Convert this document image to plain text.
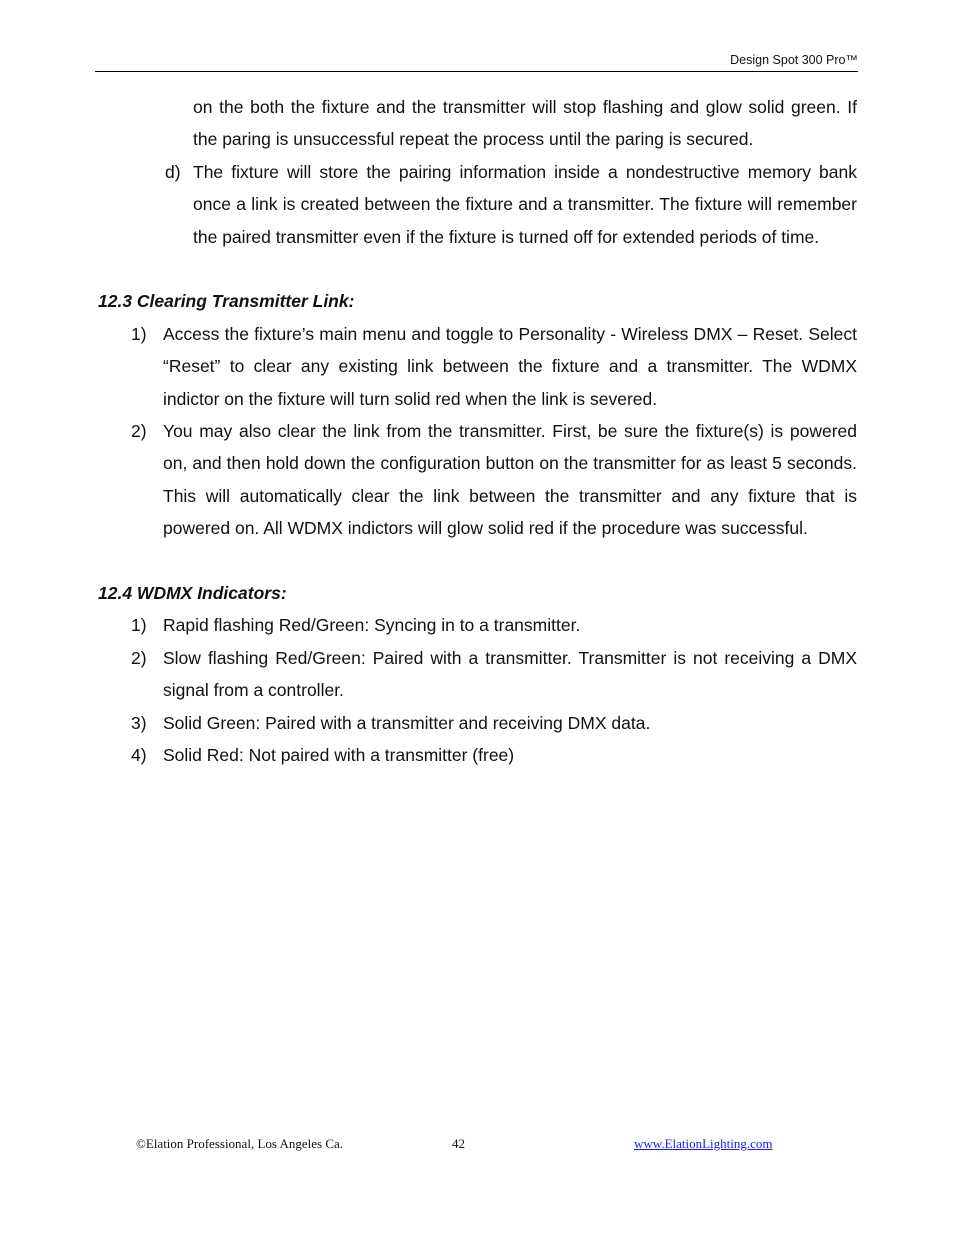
Design Spot 300 Pro™
on the both the fixture and the transmitter will stop flashing and glow solid green. If the paring is unsuccessful repeat the process until the paring is secured.
d) The fixture will store the pairing information inside a nondestructive memory bank once a link is created between the fixture and a transmitter. The fixture will remember the paired transmitter even if the fixture is turned off for extended periods of time.
12.3 Clearing Transmitter Link:
1) Access the fixture’s main menu and toggle to Personality - Wireless DMX – Reset. Select “Reset” to clear any existing link between the fixture and a transmitter. The WDMX indictor on the fixture will turn solid red when the link is severed.
2) You may also clear the link from the transmitter. First, be sure the fixture(s) is powered on, and then hold down the configuration button on the transmitter for as least 5 seconds. This will automatically clear the link between the transmitter and any fixture that is powered on. All WDMX indictors will glow solid red if the procedure was successful.
12.4 WDMX Indicators:
1) Rapid flashing Red/Green: Syncing in to a transmitter.
2) Slow flashing Red/Green: Paired with a transmitter. Transmitter is not receiving a DMX signal from a controller.
3) Solid Green: Paired with a transmitter and receiving DMX data.
4) Solid Red: Not paired with a transmitter (free)
©Elation Professional, Los Angeles Ca.	42	www.ElationLighting.com
